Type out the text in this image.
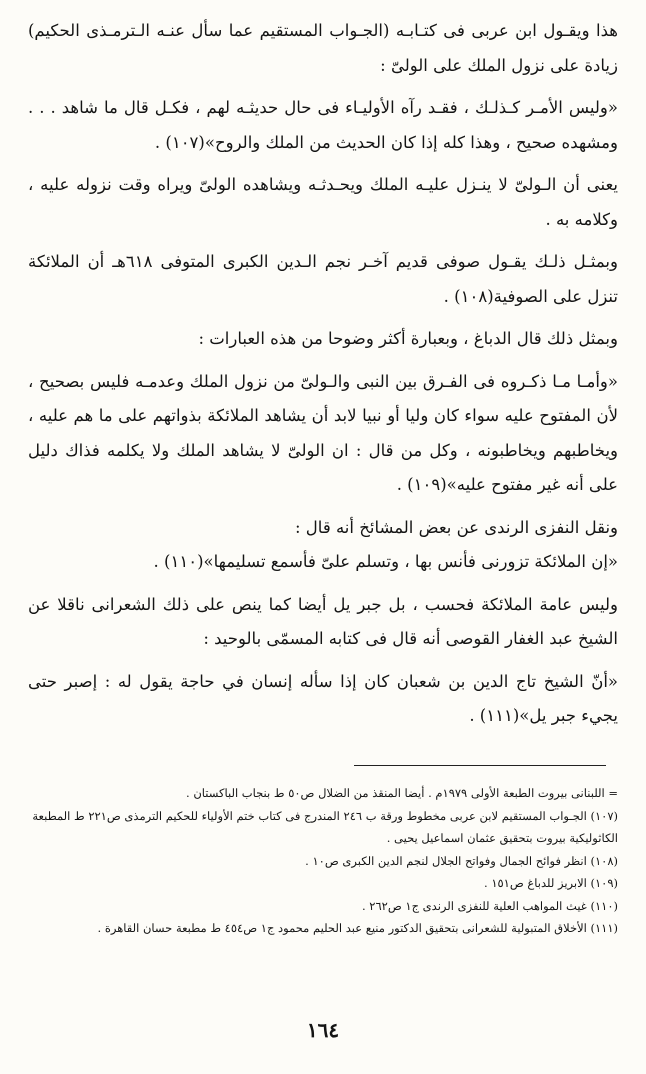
هذا ويقـول ابن عربى فى كتـابـه (الجـواب المستقيم عما سأل عنـه الـترمـذى الحكيم) زيادة على نزول الملك على الولىّ :

«وليس الأمـر كـذلـك ، فقـد رآه الأوليـاء فى حال حديثـه لهم ، فكـل قال ما شاهد . . . ومشهده صحيح ، وهذا كله إذا كان الحديث من الملك والروح»(١٠٧) .

يعنى أن الـولىّ لا ينـزل عليـه الملك ويحـدثـه ويشاهده الولىّ ويراه وقت نزوله عليه ، وكلامه به .

وبمثـل ذلـك يقـول صوفى قديم آخـر نجم الـدين الكبرى المتوفى ٦١٨هـ أن الملائكة تنزل على الصوفية(١٠٨) .

وبمثل ذلك قال الدباغ ، وبعبارة أكثر وضوحا من هذه العبارات :

«وأمـا مـا ذكـروه فى الفـرق بين النبى والـولىّ من نزول الملك وعدمـه فليس بصحيح ، لأن المفتوح عليه سواء كان وليا أو نبيا لابد أن يشاهد الملائكة بذواتهم على ما هم عليه ، ويخاطبهم ويخاطبونه ، وكل من قال : ان الولىّ لا يشاهد الملك ولا يكلمه فذاك دليل على أنه غير مفتوح عليه»(١٠٩) .

ونقل النفزى الرندى عن بعض المشائخ أنه قال :

«إن الملائكة تزورنى فأنس بها ، وتسلم علىّ فأسمع تسليمها»(١١٠) .

وليس عامة الملائكة فحسب ، بل جبر يل أيضا كما ينص على ذلك الشعرانى ناقلا عن الشيخ عبد الغفار القوصى أنه قال فى كتابه المسمّى بالوحيد :

«أنّ الشيخ تاج الدين بن شعبان كان إذا سأله إنسان في حاجة يقول له : إصبر حتى يجيء جبر يل»(١١١) .

= اللبنانى بيروت الطبعة الأولى ١٩٧٩م . أيضا المنقذ من الضلال ص٥٠ ط بنجاب الباكستان .

(١٠٧) الجـواب المستقيم لابن عربى مخطوط ورقة ب ٢٤٦ المندرج فى كتاب ختم الأولياء للحكيم الترمذى ص٢٢١ ط المطبعة الكاثوليكية بيروت بتحقيق عثمان اسماعيل يحيى .

(١٠٨) انظر فوائح الجمال وفواتح الجلال لنجم الدين الكبرى ص١٠ .

(١٠٩) الابريز للدباغ ص١٥١ .

(١١٠) غيث المواهب العلية للنفزى الرندى ج١ ص٢٦٢ .

(١١١) الأخلاق المتبولية للشعرانى بتحقيق الدكتور منيع عبد الحليم محمود ج١ ص٤٥٤ ط مطبعة حسان القاهرة .

١٦٤
